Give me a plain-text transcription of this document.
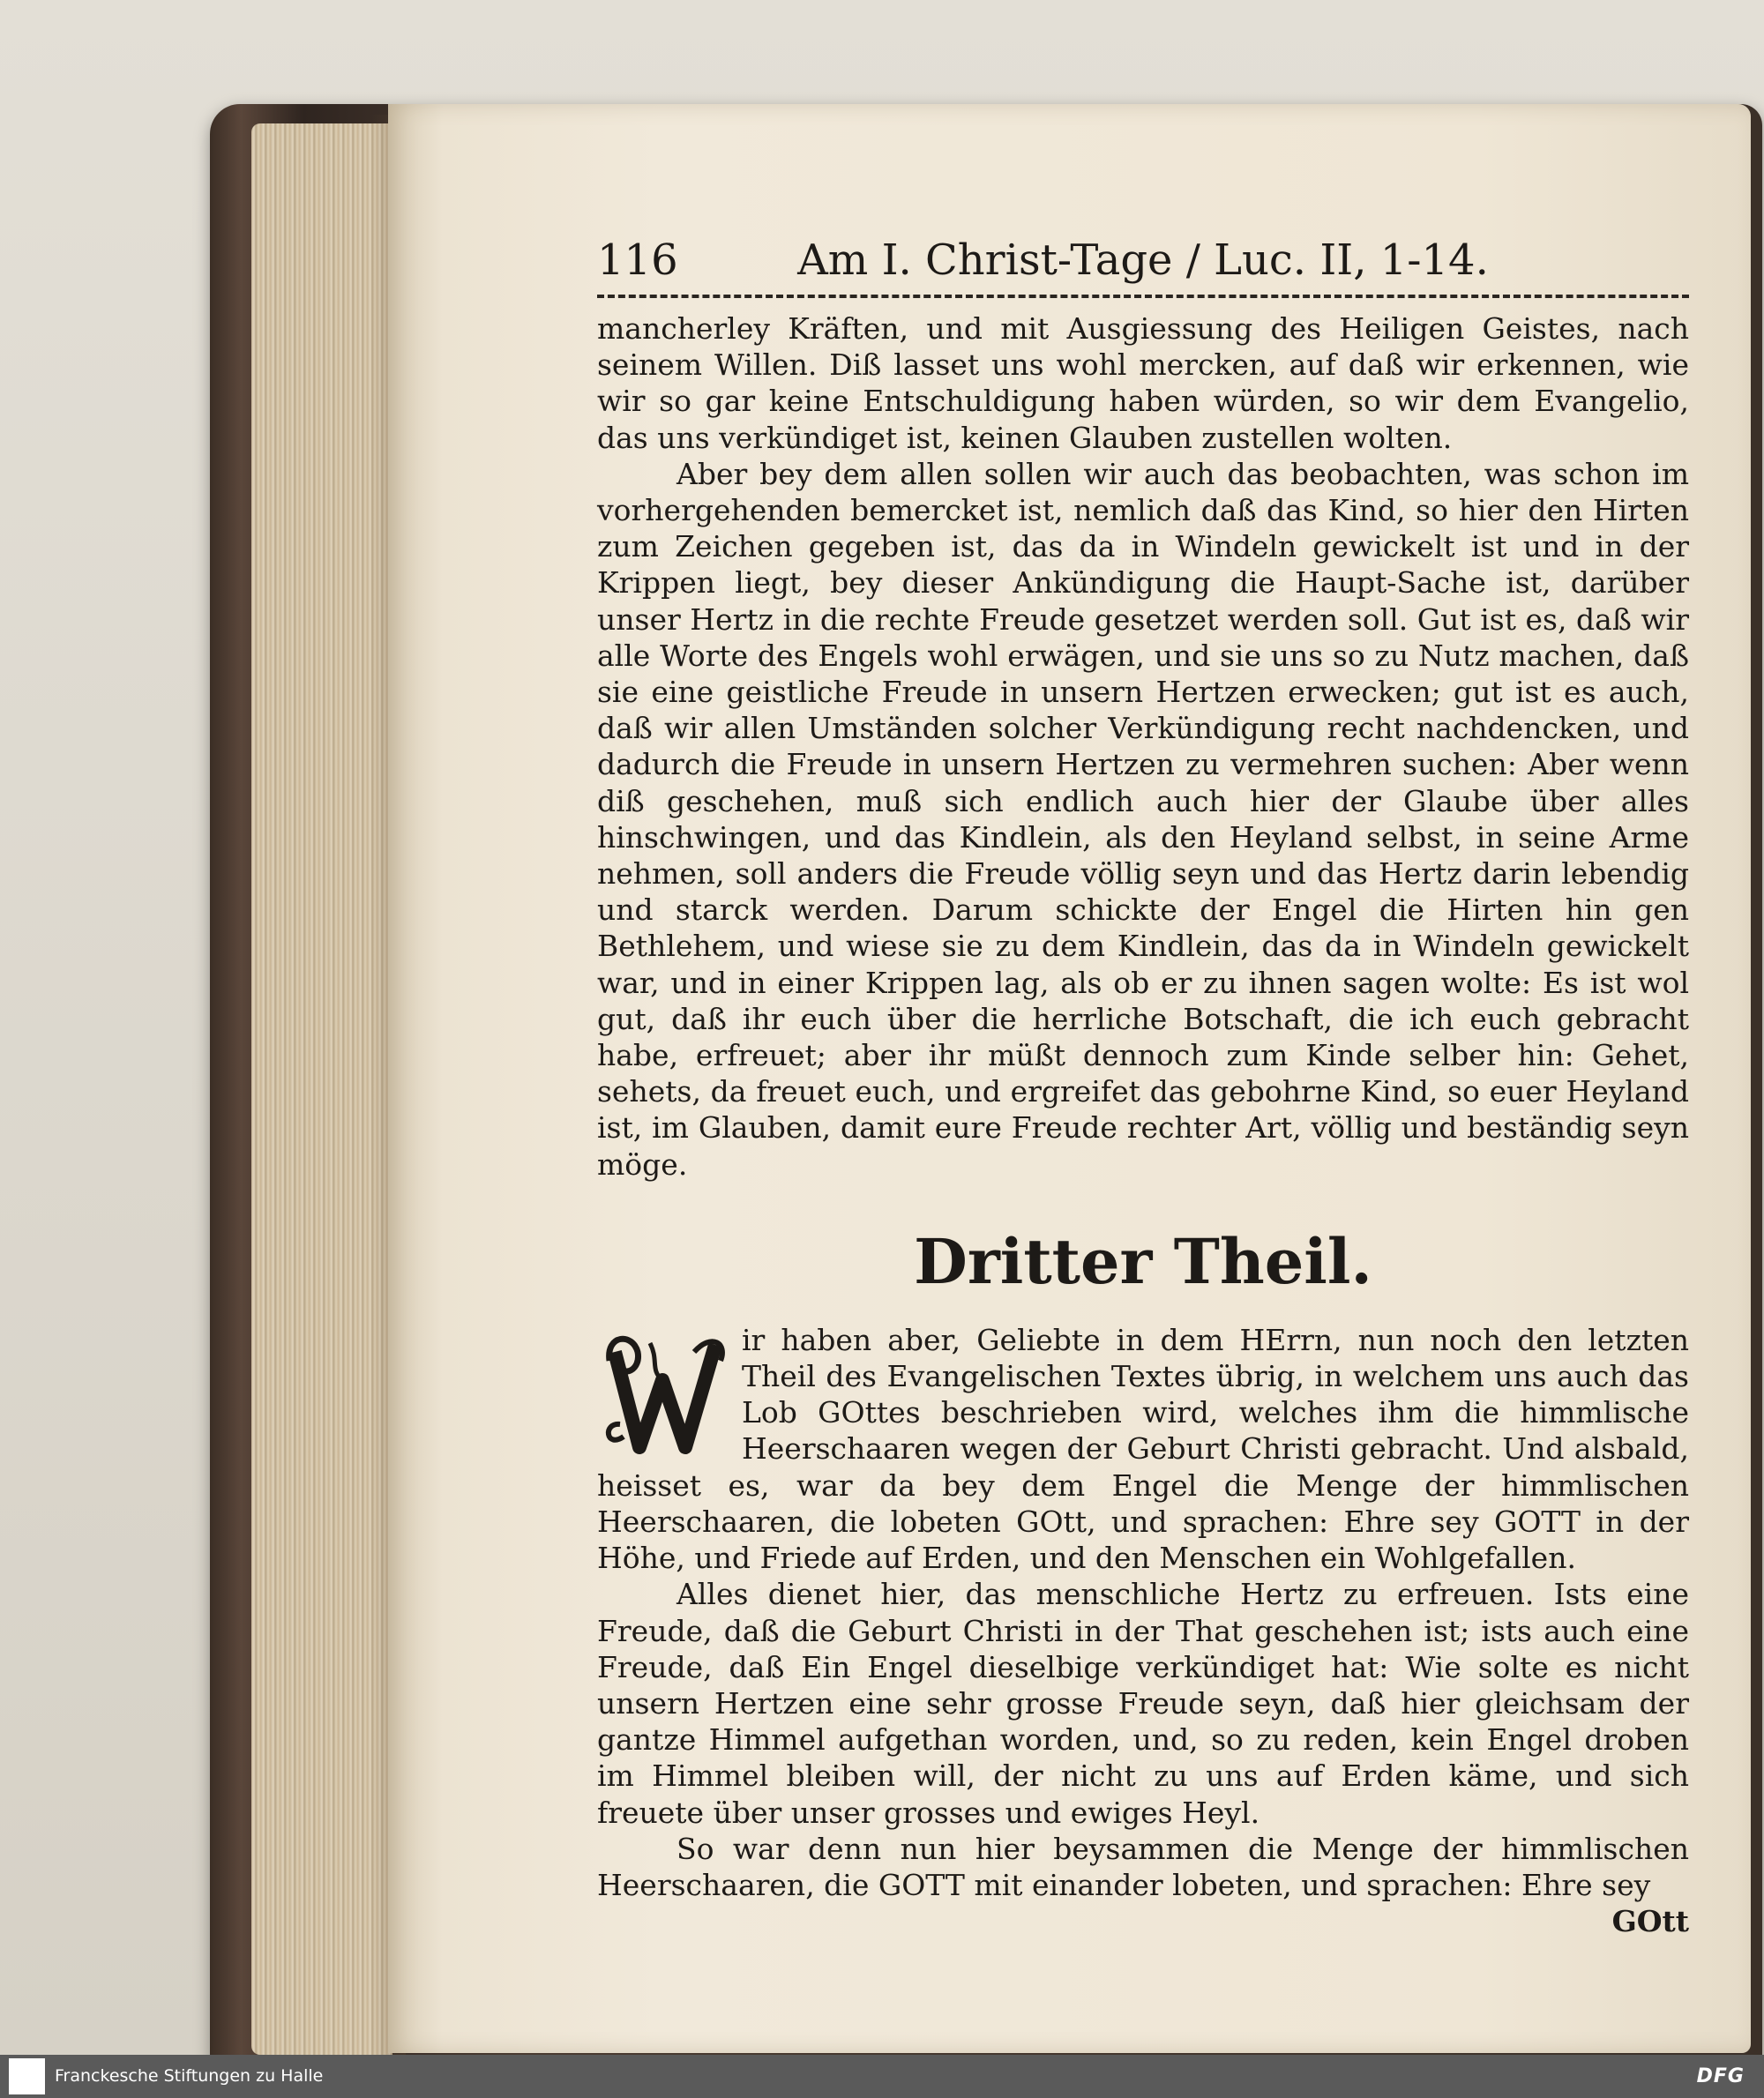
116	Am I. Christ-Tage / Luc. II, 1-14.

mancherley Kräften, und mit Ausgiessung des Heiligen Geistes, nach seinem Willen. Diß lasset uns wohl mercken, auf daß wir erkennen, wie wir so gar keine Entschuldigung haben würden, so wir dem Evangelio, das uns verkündiget ist, keinen Glauben zustellen wolten.

Aber bey dem allen sollen wir auch das beobachten, was schon im vorhergehenden bemercket ist, nemlich daß das Kind, so hier den Hirten zum Zeichen gegeben ist, das da in Windeln gewickelt ist und in der Krippen liegt, bey dieser Ankündigung die Haupt-Sache ist, darüber unser Hertz in die rechte Freude gesetzet werden soll. Gut ist es, daß wir alle Worte des Engels wohl erwägen, und sie uns so zu Nutz machen, daß sie eine geistliche Freude in unsern Hertzen erwecken; gut ist es auch, daß wir allen Umständen solcher Verkündigung recht nachdencken, und dadurch die Freude in unsern Hertzen zu vermehren suchen: Aber wenn diß geschehen, muß sich endlich auch hier der Glaube über alles hinschwingen, und das Kindlein, als den Heyland selbst, in seine Arme nehmen, soll anders die Freude völlig seyn und das Hertz darin lebendig und starck werden. Darum schickte der Engel die Hirten hin gen Bethlehem, und wiese sie zu dem Kindlein, das da in Windeln gewickelt war, und in einer Krippen lag, als ob er zu ihnen sagen wolte: Es ist wol gut, daß ihr euch über die herrliche Botschaft, die ich euch gebracht habe, erfreuet; aber ihr müßt dennoch zum Kinde selber hin: Gehet, sehets, da freuet euch, und ergreifet das gebohrne Kind, so euer Heyland ist, im Glauben, damit eure Freude rechter Art, völlig und beständig seyn möge.

Dritter Theil.
W

ir haben aber, Geliebte in dem HErrn, nun noch den letzten Theil des Evangelischen Textes übrig, in welchem uns auch das Lob GOttes beschrieben wird, welches ihm die himmlische Heerschaaren wegen der Geburt Christi gebracht. Und alsbald, heisset es, war da bey dem Engel die Menge der himmlischen Heerschaaren, die lobeten GOtt, und sprachen: Ehre sey GOTT in der Höhe, und Friede auf Erden, und den Menschen ein Wohlgefallen.

Alles dienet hier, das menschliche Hertz zu erfreuen. Ists eine Freude, daß die Geburt Christi in der That geschehen ist; ists auch eine Freude, daß Ein Engel dieselbige verkündiget hat: Wie solte es nicht unsern Hertzen eine sehr grosse Freude seyn, daß hier gleichsam der gantze Himmel aufgethan worden, und, so zu reden, kein Engel droben im Himmel bleiben will, der nicht zu uns auf Erden käme, und sich freuete über unser grosses und ewiges Heyl.

So war denn nun hier beysammen die Menge der himmlischen Heerschaaren, die GOTT mit einander lobeten, und sprachen: Ehre sey

GOtt

Franckesche Stiftungen zu Halle	DFG
